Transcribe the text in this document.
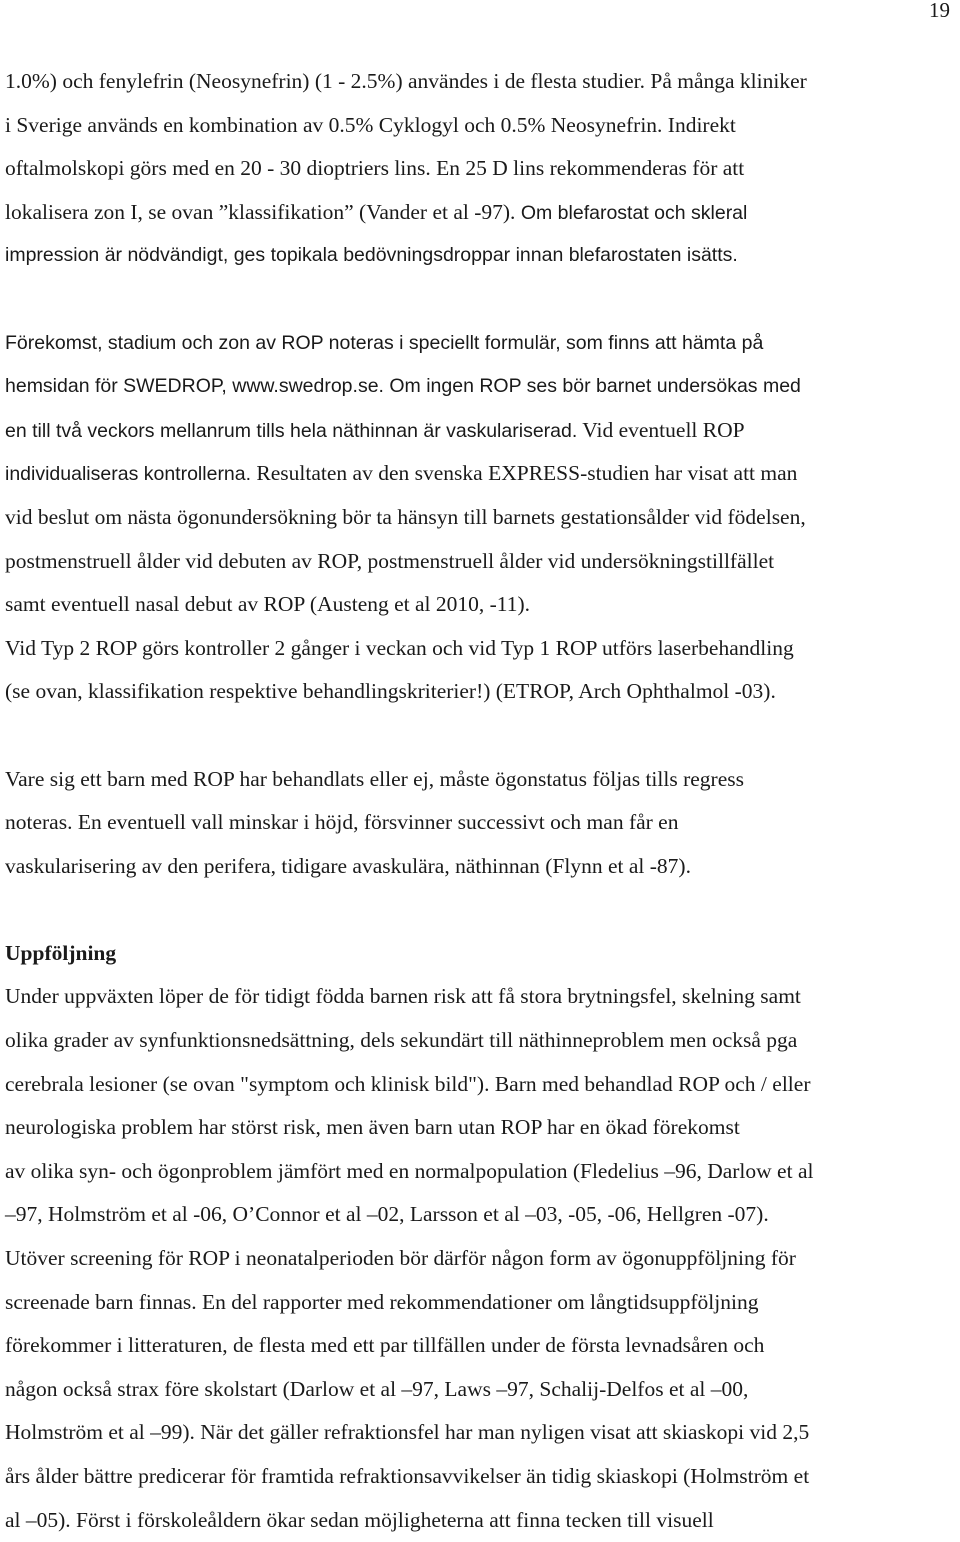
19
1.0%) och fenylefrin (Neosynefrin) (1 - 2.5%) användes i de flesta studier. På många kliniker
i Sverige används en kombination av 0.5% Cyklogyl och 0.5% Neosynefrin. Indirekt
oftalmolskopi görs med en 20 - 30 dioptriers lins. En 25 D lins rekommenderas för att
lokalisera zon I, se ovan ”klassifikation” (Vander et al -97). Om blefarostat och skleral
impression är nödvändigt, ges topikala bedövningsdroppar innan blefarostaten isätts.
Förekomst, stadium och zon av ROP noteras i speciellt formulär, som finns att hämta på
hemsidan för SWEDROP, www.swedrop.se. Om ingen ROP ses bör barnet undersökas med
en till två veckors mellanrum tills hela näthinnan är vaskulariserad. Vid eventuell ROP
individualiseras kontrollerna. Resultaten av den svenska EXPRESS-studien har visat att man
vid beslut om nästa ögonundersökning bör ta hänsyn till barnets gestationsålder vid födelsen,
postmenstruell ålder vid debuten av ROP, postmenstruell ålder vid undersökningstillfället
samt eventuell nasal debut av ROP (Austeng et al 2010, -11).
Vid Typ 2 ROP görs kontroller 2 gånger i veckan och vid Typ 1 ROP utförs laserbehandling
(se ovan, klassifikation respektive behandlingskriterier!) (ETROP, Arch Ophthalmol -03).
Vare sig ett barn med ROP har behandlats eller ej, måste ögonstatus följas tills regress
noteras. En eventuell vall minskar i höjd, försvinner successivt och man får en
vaskularisering av den perifera, tidigare avaskulära, näthinnan (Flynn et al -87).
Uppföljning
Under uppväxten löper de för tidigt födda barnen risk att få stora brytningsfel, skelning samt
olika grader av synfunktionsnedsättning, dels sekundärt till näthinneproblem men också pga
cerebrala lesioner (se ovan "symptom och klinisk bild"). Barn med behandlad ROP och / eller
neurologiska problem har störst risk, men även barn utan ROP har en ökad förekomst
av olika syn- och ögonproblem jämfört med en normalpopulation (Fledelius –96, Darlow et al
–97, Holmström et al -06, O’Connor et al –02, Larsson et al –03, -05, -06, Hellgren -07).
Utöver screening för ROP i neonatalperioden bör därför någon form av ögonuppföljning för
screenade barn finnas. En del rapporter med rekommendationer om långtidsuppföljning
förekommer i litteraturen, de flesta med ett par tillfällen under de första levnadsåren och
någon också strax före skolstart (Darlow et al –97, Laws –97, Schalij-Delfos et al –00,
Holmström et al –99). När det gäller refraktionsfel har man nyligen visat att skiaskopi vid 2,5
års ålder bättre predicerar för framtida refraktionsavvikelser än tidig skiaskopi (Holmström et
al –05). Först i förskoleåldern ökar sedan möjligheterna att finna tecken till visuell
